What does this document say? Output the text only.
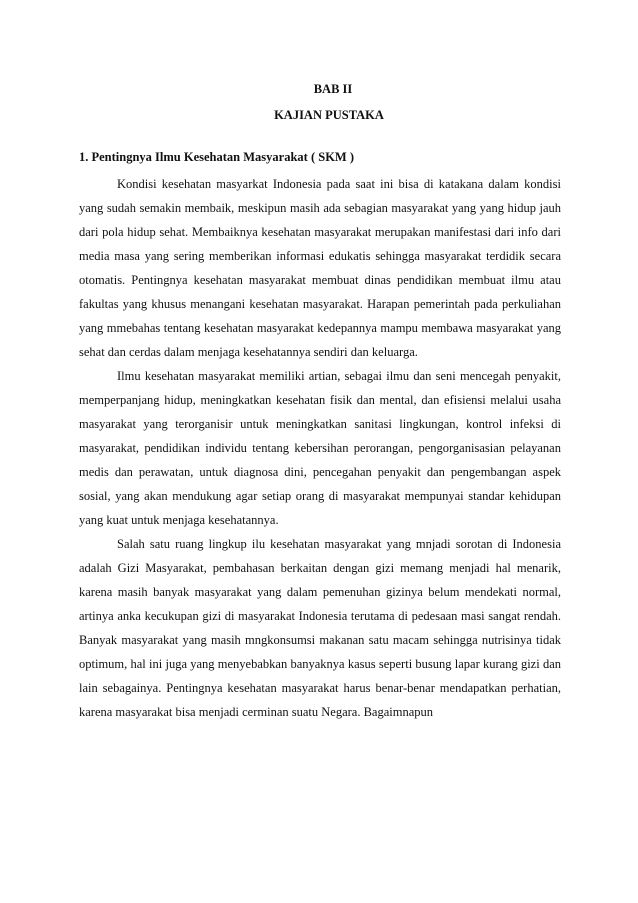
BAB II
KAJIAN PUSTAKA
1. Pentingnya Ilmu Kesehatan Masyarakat ( SKM )

Kondisi kesehatan masyarkat Indonesia pada saat ini bisa di katakana dalam kondisi yang sudah semakin membaik, meskipun masih ada sebagian masyarakat yang yang hidup jauh dari pola hidup sehat. Membaiknya kesehatan masyarakat merupakan manifestasi dari info dari media masa yang sering memberikan informasi edukatis sehingga masyarakat terdidik secara otomatis. Pentingnya kesehatan masyarakat membuat dinas pendidikan membuat ilmu atau fakultas yang khusus menangani kesehatan masyarakat. Harapan pemerintah pada perkuliahan yang mmebahas tentang kesehatan masyarakat kedepannya mampu membawa masyarakat yang sehat dan cerdas dalam menjaga kesehatannya sendiri dan keluarga.

Ilmu kesehatan masyarakat memiliki artian, sebagai ilmu dan seni mencegah penyakit, memperpanjang hidup, meningkatkan kesehatan fisik dan mental, dan efisiensi melalui usaha masyarakat yang terorganisir untuk meningkatkan sanitasi lingkungan, kontrol infeksi di masyarakat, pendidikan individu tentang kebersihan perorangan, pengorganisasian pelayanan medis dan perawatan, untuk diagnosa dini, pencegahan penyakit dan pengembangan aspek sosial, yang akan mendukung agar setiap orang di masyarakat mempunyai standar kehidupan yang kuat untuk menjaga kesehatannya.

Salah satu ruang lingkup ilu kesehatan masyarakat yang mnjadi sorotan di Indonesia adalah Gizi Masyarakat, pembahasan berkaitan dengan gizi memang menjadi hal menarik, karena masih banyak masyarakat yang dalam pemenuhan gizinya belum mendekati normal, artinya anka kecukupan gizi di masyarakat Indonesia terutama di pedesaan masi sangat rendah. Banyak masyarakat yang masih mngkonsumsi makanan satu macam sehingga nutrisinya tidak optimum, hal ini juga yang menyebabkan banyaknya kasus seperti busung lapar kurang gizi dan lain sebagainya. Pentingnya kesehatan masyarakat harus benar-benar mendapatkan perhatian, karena masyarakat bisa menjadi cerminan suatu Negara. Bagaimnapun
